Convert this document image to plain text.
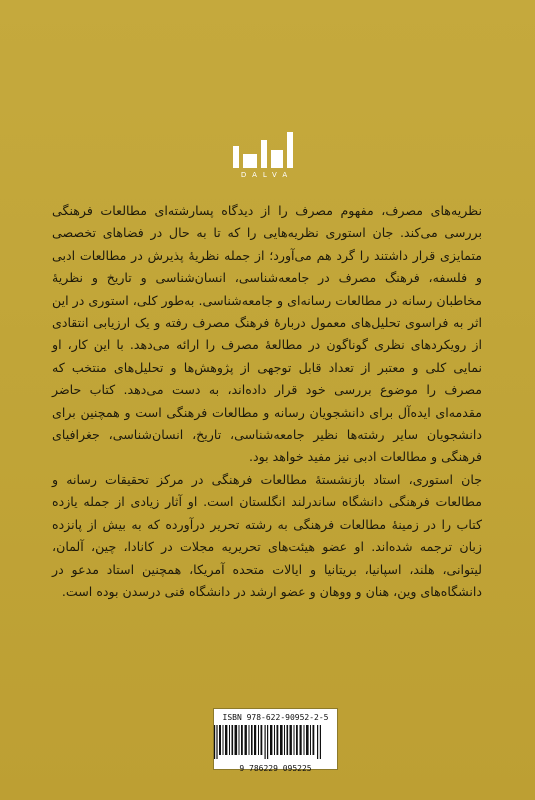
DALVA

نظریه‌های مصرف، مفهوم مصرف را از دیدگاه پسارشته‌ای مطالعات فرهنگی بررسی می‌کند. جان استوری نظریه‌هایی را که تا به حال در فضاهای تخصصی متمایزی قرار داشتند را گرد هم می‌آورد؛ از جمله نظریهٔ پذیرش در مطالعات ادبی و فلسفه، فرهنگ مصرف در جامعه‌شناسی، انسان‌شناسی و تاریخ و نظریهٔ مخاطبان رسانه در مطالعات رسانه‌ای و جامعه‌شناسی. به‌طور کلی، استوری در این اثر به فراسوی تحلیل‌های معمول دربارهٔ فرهنگ مصرف رفته و یک ارزیابی انتقادی از رویکردهای نظری گوناگون در مطالعهٔ مصرف را ارائه می‌دهد. با این کار، او نمایی کلی و معتبر از تعداد قابل توجهی از پژوهش‌ها و تحلیل‌های منتخب که مصرف را موضوع بررسی خود قرار داده‌اند، به دست می‌دهد. کتاب حاضر مقدمه‌ای ایده‌آل برای دانشجویان رسانه و مطالعات فرهنگی است و همچنین برای دانشجویان سایر رشته‌ها نظیر جامعه‌شناسی، تاریخ، انسان‌شناسی، جغرافیای فرهنگی و مطالعات ادبی نیز مفید خواهد بود.

جان استوری، استاد بازنشستهٔ مطالعات فرهنگی در مرکز تحقیقات رسانه و مطالعات فرهنگی دانشگاه ساندرلند انگلستان است. او آثار زیادی از جمله یازده کتاب را در زمینهٔ مطالعات فرهنگی به رشته تحریر درآورده که به بیش از پانزده زبان ترجمه شده‌اند. او عضو هیئت‌های تحریریه مجلات در کانادا، چین، آلمان، لیتوانی، هلند، اسپانیا، بریتانیا و ایالات متحده آمریکا، همچنین استاد مدعو در دانشگاه‌های وین، هنان و ووهان و عضو ارشد در دانشگاه فنی درسدن بوده است.

ISBN 978-622-90952-2-5
9 786229 095225
